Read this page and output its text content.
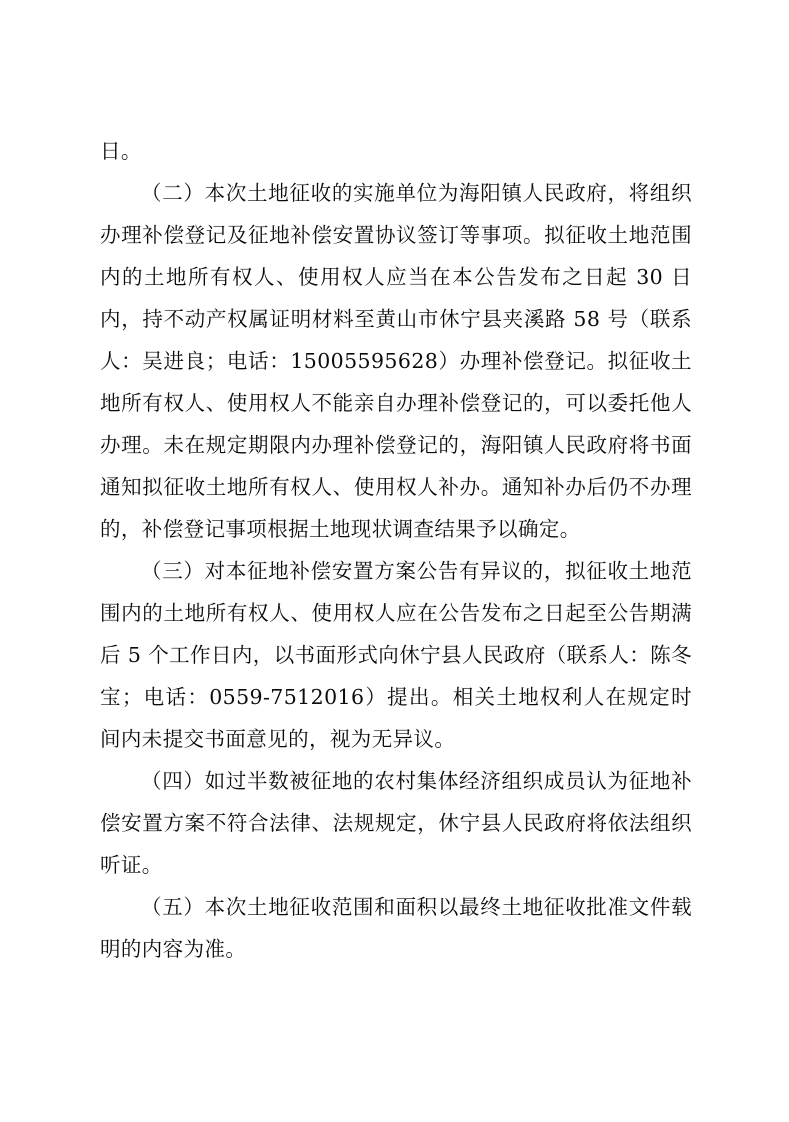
日。

（二）本次土地征收的实施单位为海阳镇人民政府，将组织办理补偿登记及征地补偿安置协议签订等事项。拟征收土地范围内的土地所有权人、使用权人应当在本公告发布之日起 30 日内，持不动产权属证明材料至黄山市休宁县夹溪路 58 号（联系人：吴进良；电话：15005595628）办理补偿登记。拟征收土地所有权人、使用权人不能亲自办理补偿登记的，可以委托他人办理。未在规定期限内办理补偿登记的，海阳镇人民政府将书面通知拟征收土地所有权人、使用权人补办。通知补办后仍不办理的，补偿登记事项根据土地现状调查结果予以确定。

（三）对本征地补偿安置方案公告有异议的，拟征收土地范围内的土地所有权人、使用权人应在公告发布之日起至公告期满后 5 个工作日内，以书面形式向休宁县人民政府（联系人：陈冬宝；电话：0559-7512016）提出。相关土地权利人在规定时间内未提交书面意见的，视为无异议。

（四）如过半数被征地的农村集体经济组织成员认为征地补偿安置方案不符合法律、法规规定，休宁县人民政府将依法组织听证。

（五）本次土地征收范围和面积以最终土地征收批准文件载明的内容为准。
